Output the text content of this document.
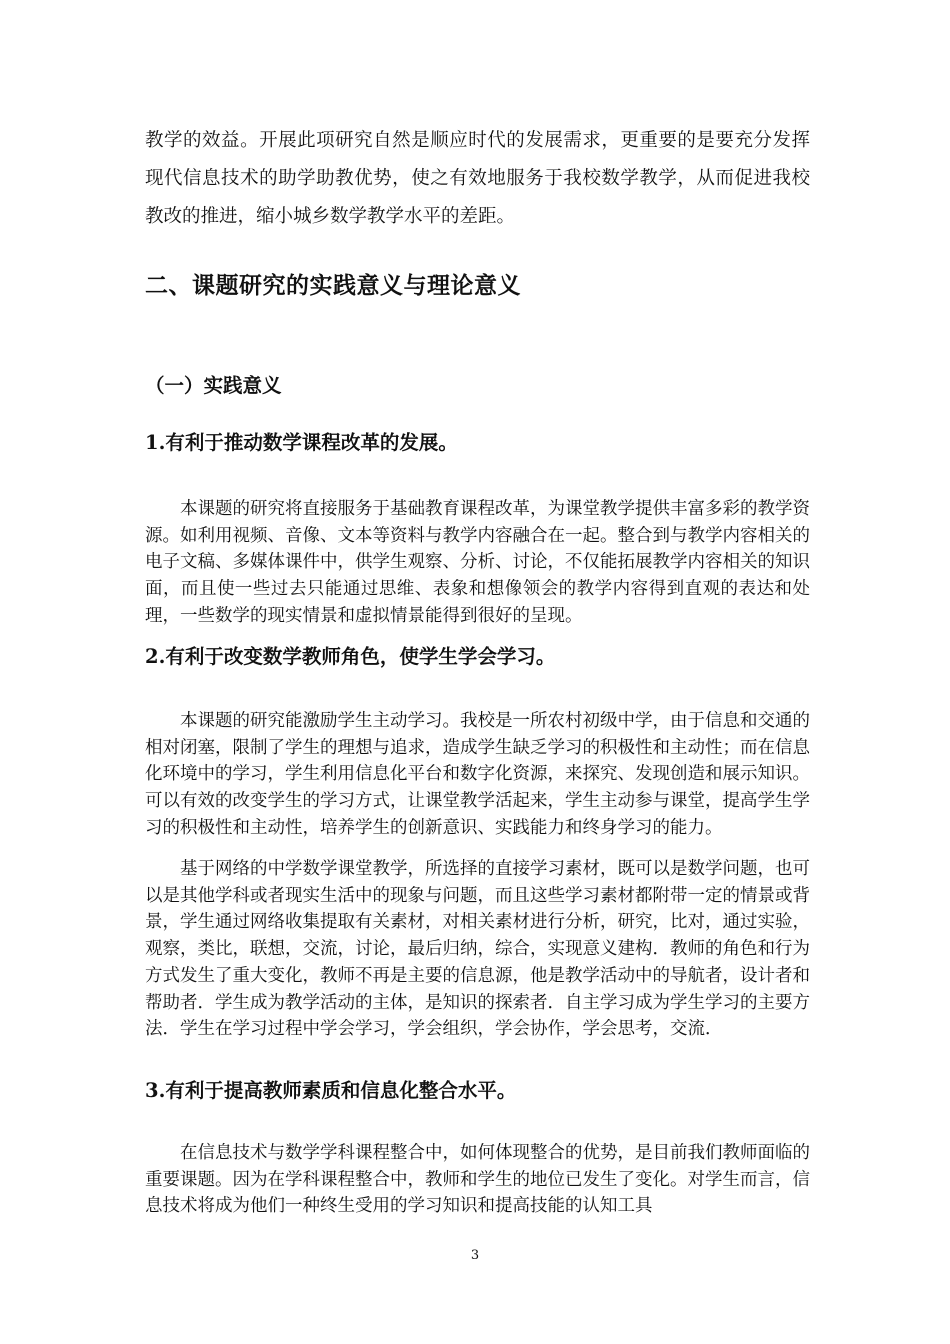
教学的效益。开展此项研究自然是顺应时代的发展需求，更重要的是要充分发挥现代信息技术的助学助教优势，使之有效地服务于我校数学教学，从而促进我校教改的推进，缩小城乡数学教学水平的差距。

二、课题研究的实践意义与理论意义
（一）实践意义
1.有利于推动数学课程改革的发展。

本课题的研究将直接服务于基础教育课程改革，为课堂教学提供丰富多彩的教学资源。如利用视频、音像、文本等资料与教学内容融合在一起。整合到与教学内容相关的电子文稿、多媒体课件中，供学生观察、分析、讨论，不仅能拓展教学内容相关的知识面，而且使一些过去只能通过思维、表象和想像领会的教学内容得到直观的表达和处理，一些数学的现实情景和虚拟情景能得到很好的呈现。

2.有利于改变数学教师角色，使学生学会学习。

本课题的研究能激励学生主动学习。我校是一所农村初级中学，由于信息和交通的相对闭塞，限制了学生的理想与追求，造成学生缺乏学习的积极性和主动性；而在信息化环境中的学习，学生利用信息化平台和数字化资源，来探究、发现创造和展示知识。可以有效的改变学生的学习方式，让课堂教学活起来，学生主动参与课堂，提高学生学习的积极性和主动性，培养学生的创新意识、实践能力和终身学习的能力。

基于网络的中学数学课堂教学，所选择的直接学习素材，既可以是数学问题，也可以是其他学科或者现实生活中的现象与问题，而且这些学习素材都附带一定的情景或背景，学生通过网络收集提取有关素材，对相关素材进行分析，研究，比对，通过实验，观察，类比，联想，交流，讨论，最后归纳，综合，实现意义建构．教师的角色和行为方式发生了重大变化，教师不再是主要的信息源，他是教学活动中的导航者，设计者和帮助者．学生成为教学活动的主体，是知识的探索者．自主学习成为学生学习的主要方法．学生在学习过程中学会学习，学会组织，学会协作，学会思考，交流．

3.有利于提高教师素质和信息化整合水平。

在信息技术与数学学科课程整合中，如何体现整合的优势，是目前我们教师面临的重要课题。因为在学科课程整合中，教师和学生的地位已发生了变化。对学生而言，信息技术将成为他们一种终生受用的学习知识和提高技能的认知工具

3
